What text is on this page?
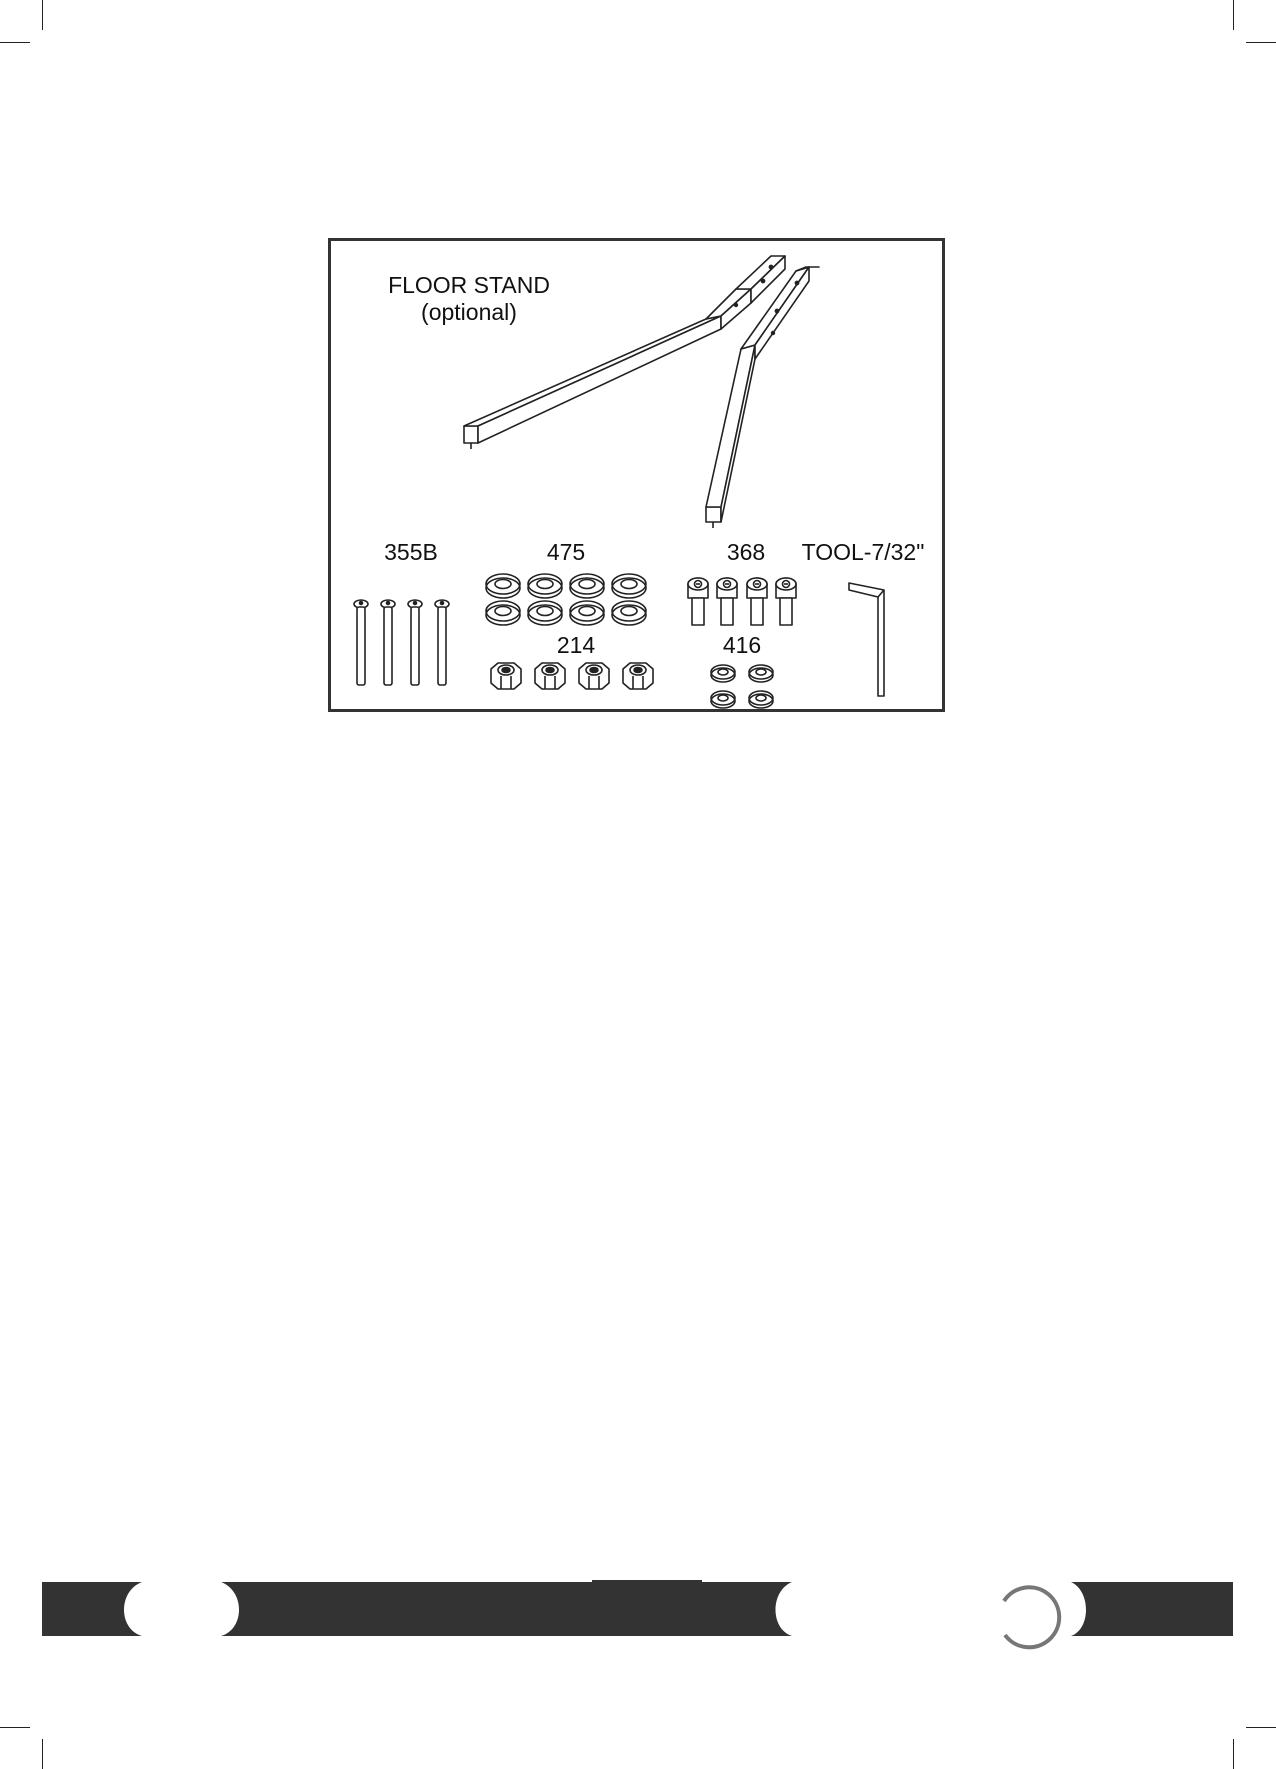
FLOOR STAND
(optional)
355B	475	368	TOOL-7/32"
214	416
